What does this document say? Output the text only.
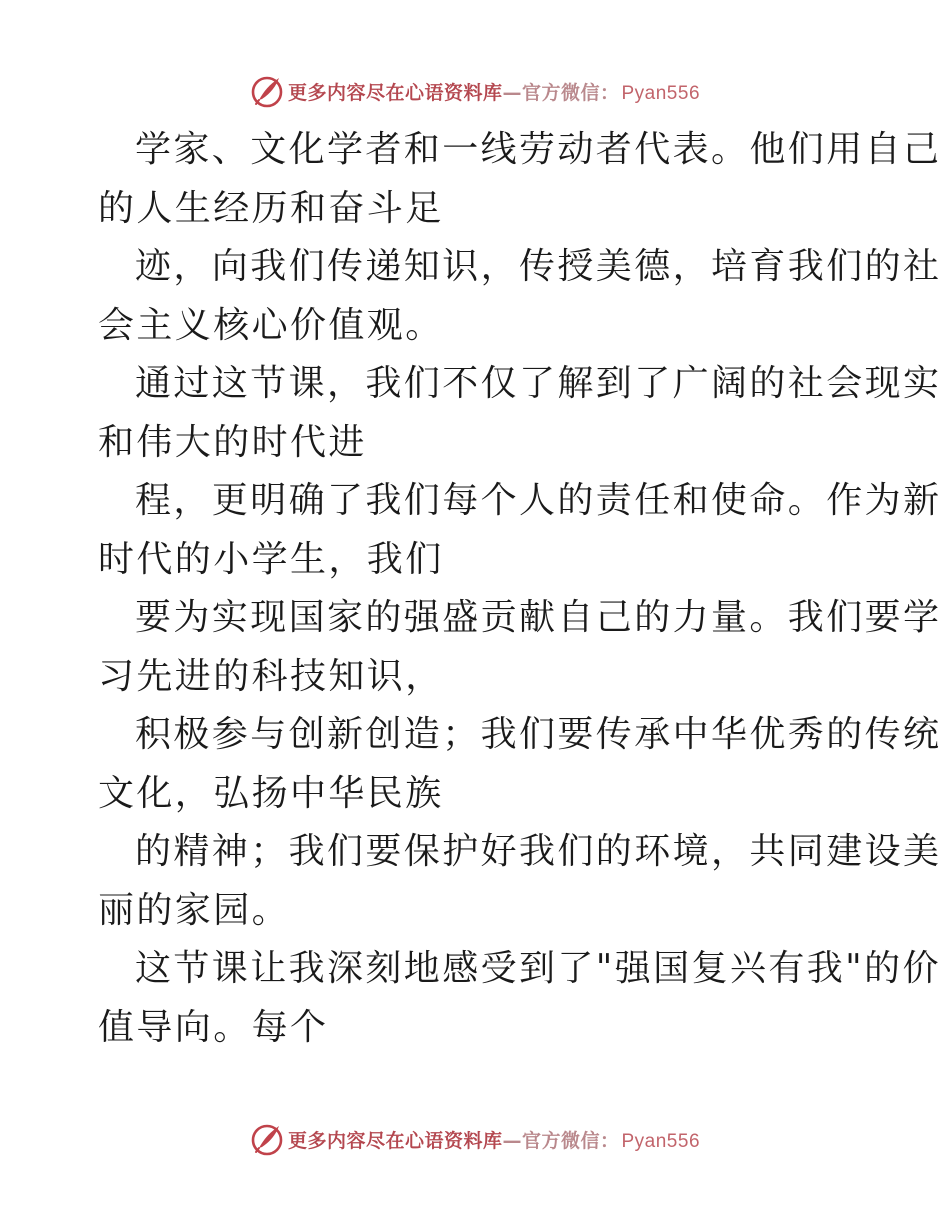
更多内容尽在心语资料库—官方微信： Pyan556
学家、文化学者和一线劳动者代表。他们用自己
的人生经历和奋斗足
迹，向我们传递知识，传授美德，培育我们的社
会主义核心价值观。
通过这节课，我们不仅了解到了广阔的社会现实
和伟大的时代进
程，更明确了我们每个人的责任和使命。作为新
时代的小学生，我们
要为实现国家的强盛贡献自己的力量。我们要学
习先进的科技知识，
积极参与创新创造；我们要传承中华优秀的传统
文化，弘扬中华民族
的精神；我们要保护好我们的环境，共同建设美
丽的家园。
这节课让我深刻地感受到了"强国复兴有我"的价
值导向。每个
更多内容尽在心语资料库—官方微信： Pyan556
